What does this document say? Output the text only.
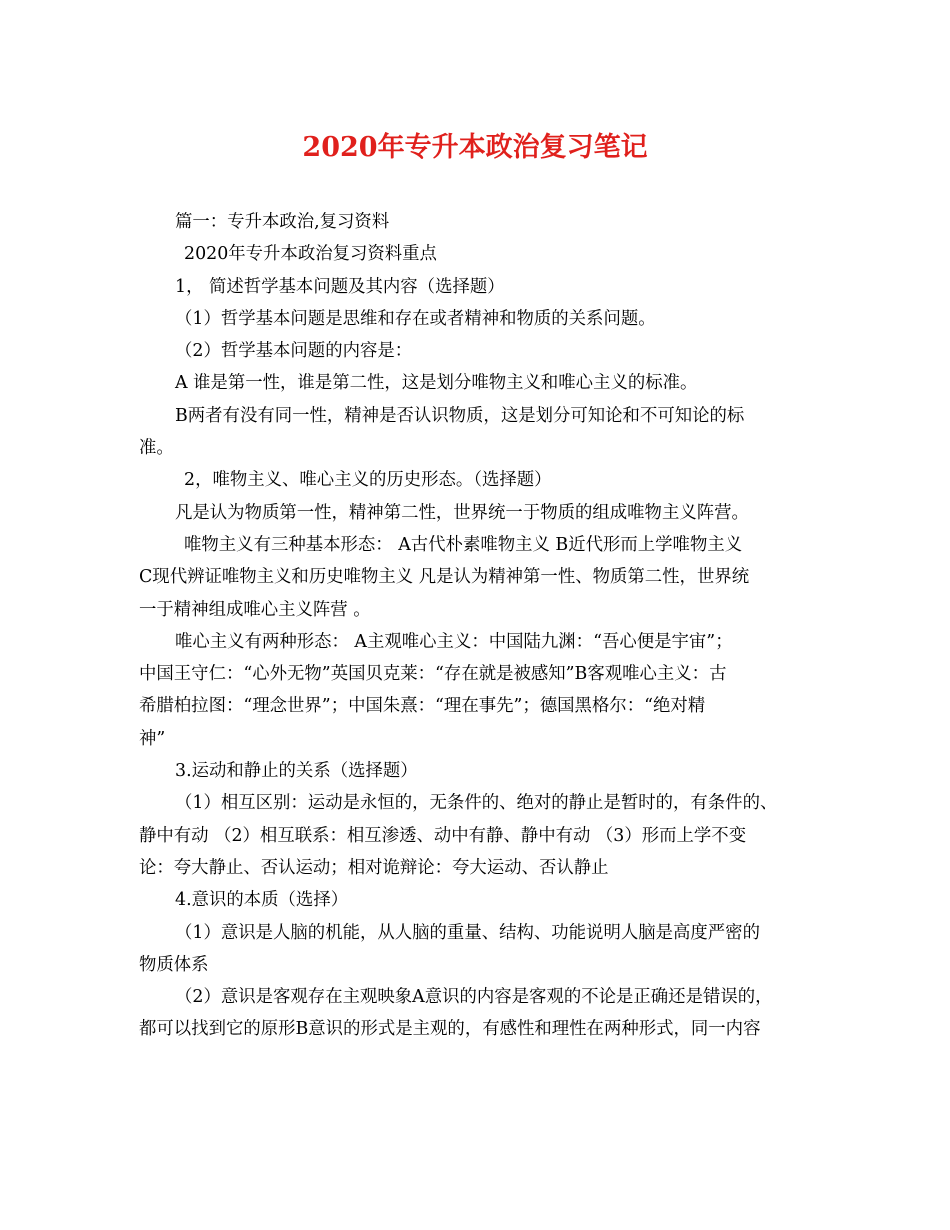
2020年专升本政治复习笔记

篇一：专升本政治,复习资料

2020年专升本政治复习资料重点

1， 简述哲学基本问题及其内容（选择题）

（1）哲学基本问题是思维和存在或者精神和物质的关系问题。

（2）哲学基本问题的内容是：

A 谁是第一性，谁是第二性，这是划分唯物主义和唯心主义的标准。

B两者有没有同一性，精神是否认识物质，这是划分可知论和不可知论的标

准。

2，唯物主义、唯心主义的历史形态。（选择题）

凡是认为物质第一性，精神第二性，世界统一于物质的组成唯物主义阵营。

唯物主义有三种基本形态： A古代朴素唯物主义 B近代形而上学唯物主义

C现代辨证唯物主义和历史唯物主义 凡是认为精神第一性、物质第二性，世界统

一于精神组成唯心主义阵营 。

唯心主义有两种形态： A主观唯心主义：中国陆九渊：“吾心便是宇宙”；

中国王守仁：“心外无物”英国贝克莱：“存在就是被感知”B客观唯心主义：古

希腊柏拉图：“理念世界”；中国朱熹：“理在事先”；德国黑格尔：“绝对精

神”

3.运动和静止的关系（选择题）

（1）相互区别：运动是永恒的，无条件的、绝对的静止是暂时的，有条件的、

静中有动 （2）相互联系：相互渗透、动中有静、静中有动 （3）形而上学不变

论：夸大静止、否认运动；相对诡辩论：夸大运动、否认静止

4.意识的本质（选择）

（1）意识是人脑的机能，从人脑的重量、结构、功能说明人脑是高度严密的

物质体系

（2）意识是客观存在主观映象A意识的内容是客观的不论是正确还是错误的，

都可以找到它的原形B意识的形式是主观的，有感性和理性在两种形式，同一内容
